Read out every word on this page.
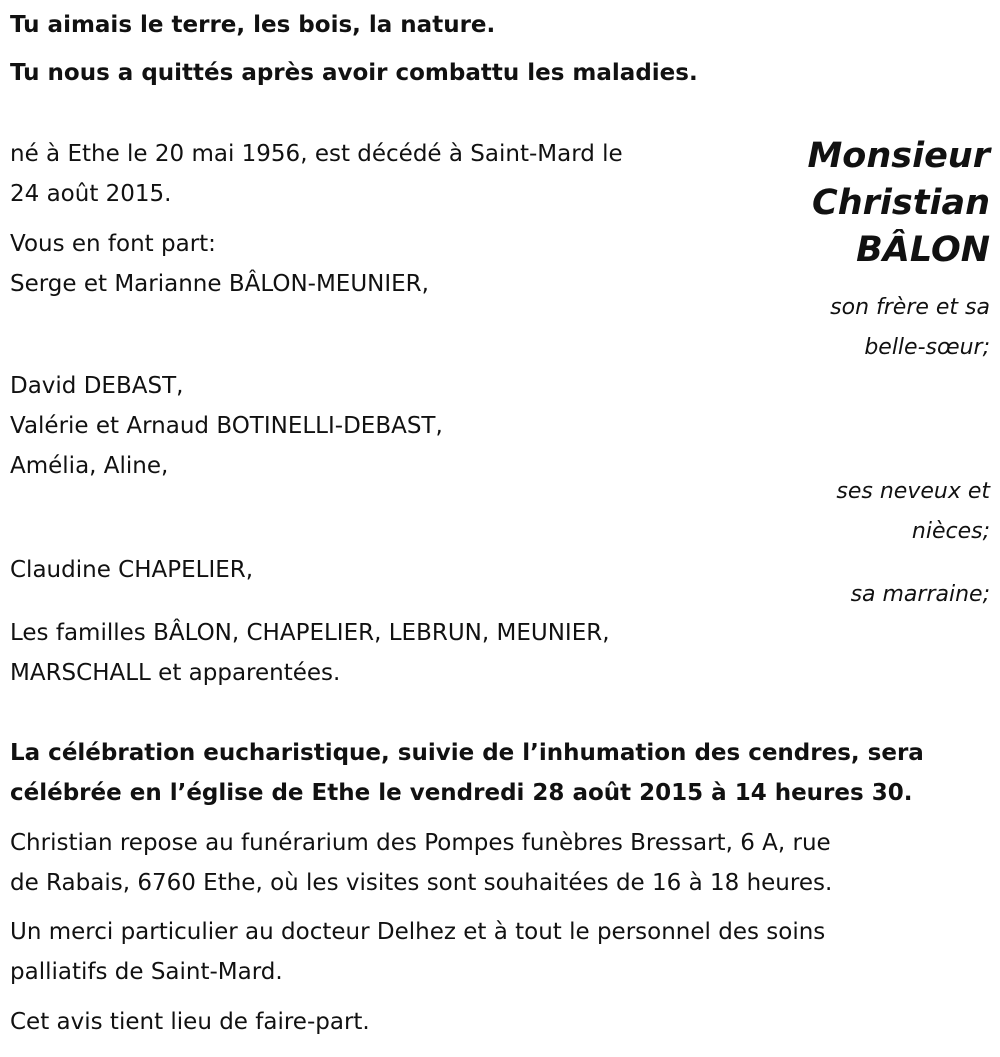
Tu aimais le terre, les bois, la nature.
Tu nous a quittés après avoir combattu les maladies.
Monsieur
Christian
BÂLON
né à Ethe le 20 mai 1956, est décédé à Saint-Mard le
24 août 2015.
Vous en font part:
Serge et Marianne BÂLON-MEUNIER,
son frère et sa
belle-sœur;
David DEBAST,
Valérie et Arnaud BOTINELLI-DEBAST,
Amélia, Aline,
ses neveux et
nièces;
Claudine CHAPELIER,
sa marraine;
Les familles BÂLON, CHAPELIER, LEBRUN, MEUNIER,
MARSCHALL et apparentées.
La célébration eucharistique, suivie de l’inhumation des cendres, sera
célébrée en l’église de Ethe le vendredi 28 août 2015 à 14 heures 30.
Christian repose au funérarium des Pompes funèbres Bressart, 6 A, rue
de Rabais, 6760 Ethe, où les visites sont souhaitées de 16 à 18 heures.
Un merci particulier au docteur Delhez et à tout le personnel des soins
palliatifs de Saint-Mard.
Cet avis tient lieu de faire-part.
